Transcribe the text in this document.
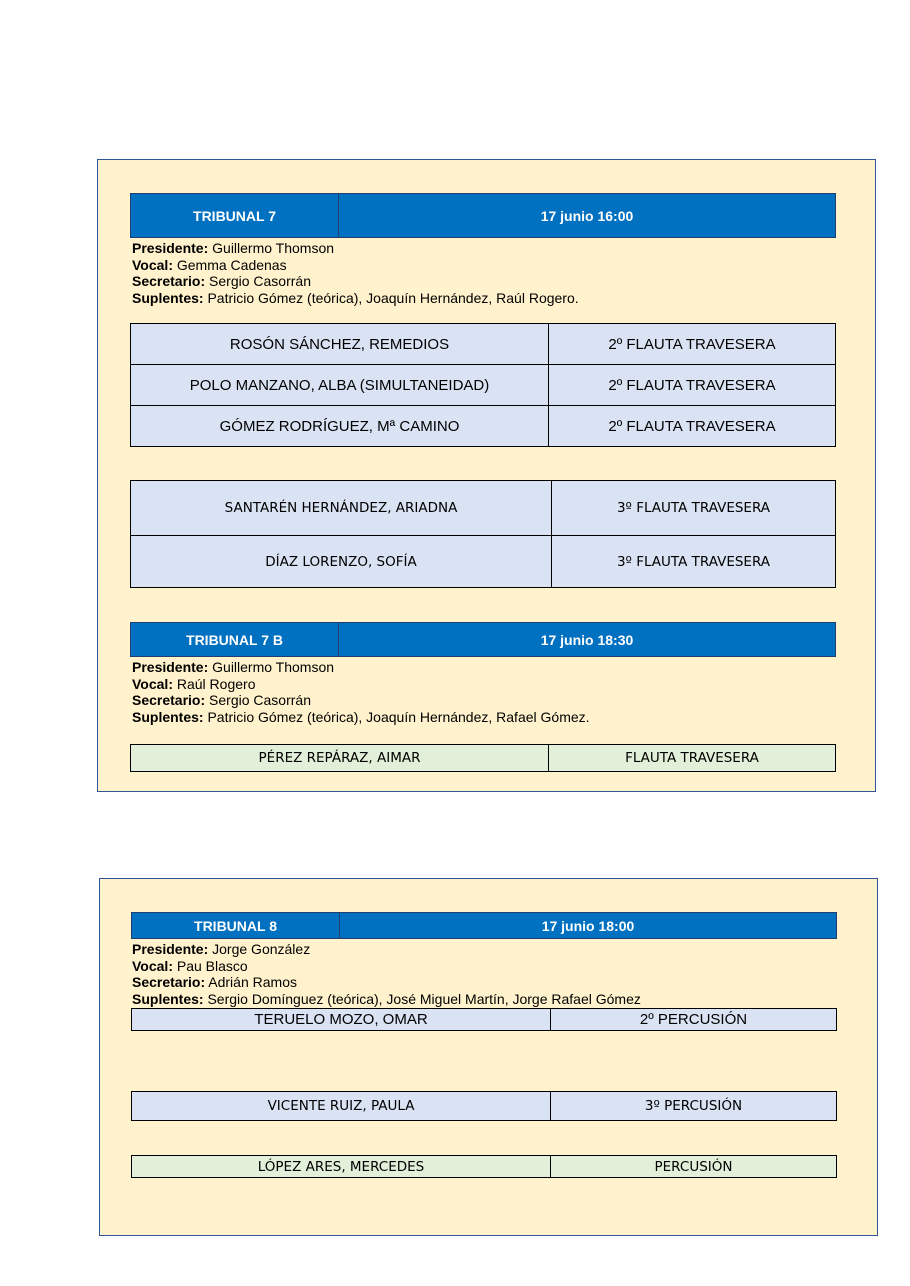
TRIBUNAL 7	17 junio 16:00
Presidente: Guillermo Thomson
Vocal: Gemma Cadenas
Secretario: Sergio Casorrán
Suplentes: Patricio Gómez (teórica), Joaquín Hernández, Raúl Rogero.
ROSÓN SÁNCHEZ, REMEDIOS	2º FLAUTA TRAVESERA
POLO MANZANO, ALBA (SIMULTANEIDAD)	2º FLAUTA TRAVESERA
GÓMEZ RODRÍGUEZ, Mª CAMINO	2º FLAUTA TRAVESERA
SANTARÉN HERNÁNDEZ, ARIADNA	3º FLAUTA TRAVESERA
DÍAZ LORENZO, SOFÍA	3º FLAUTA TRAVESERA
TRIBUNAL 7 B	17 junio 18:30
Presidente: Guillermo Thomson
Vocal: Raúl Rogero
Secretario: Sergio Casorrán
Suplentes: Patricio Gómez (teórica), Joaquín Hernández, Rafael Gómez.
PÉREZ REPÁRAZ, AIMAR	FLAUTA TRAVESERA
TRIBUNAL 8	17 junio 18:00
Presidente: Jorge González
Vocal: Pau Blasco
Secretario: Adrián Ramos
Suplentes: Sergio Domínguez (teórica), José Miguel Martín, Jorge Rafael Gómez
TERUELO MOZO, OMAR	2º PERCUSIÓN
VICENTE RUIZ, PAULA	3º PERCUSIÓN
LÓPEZ ARES, MERCEDES	PERCUSIÓN
